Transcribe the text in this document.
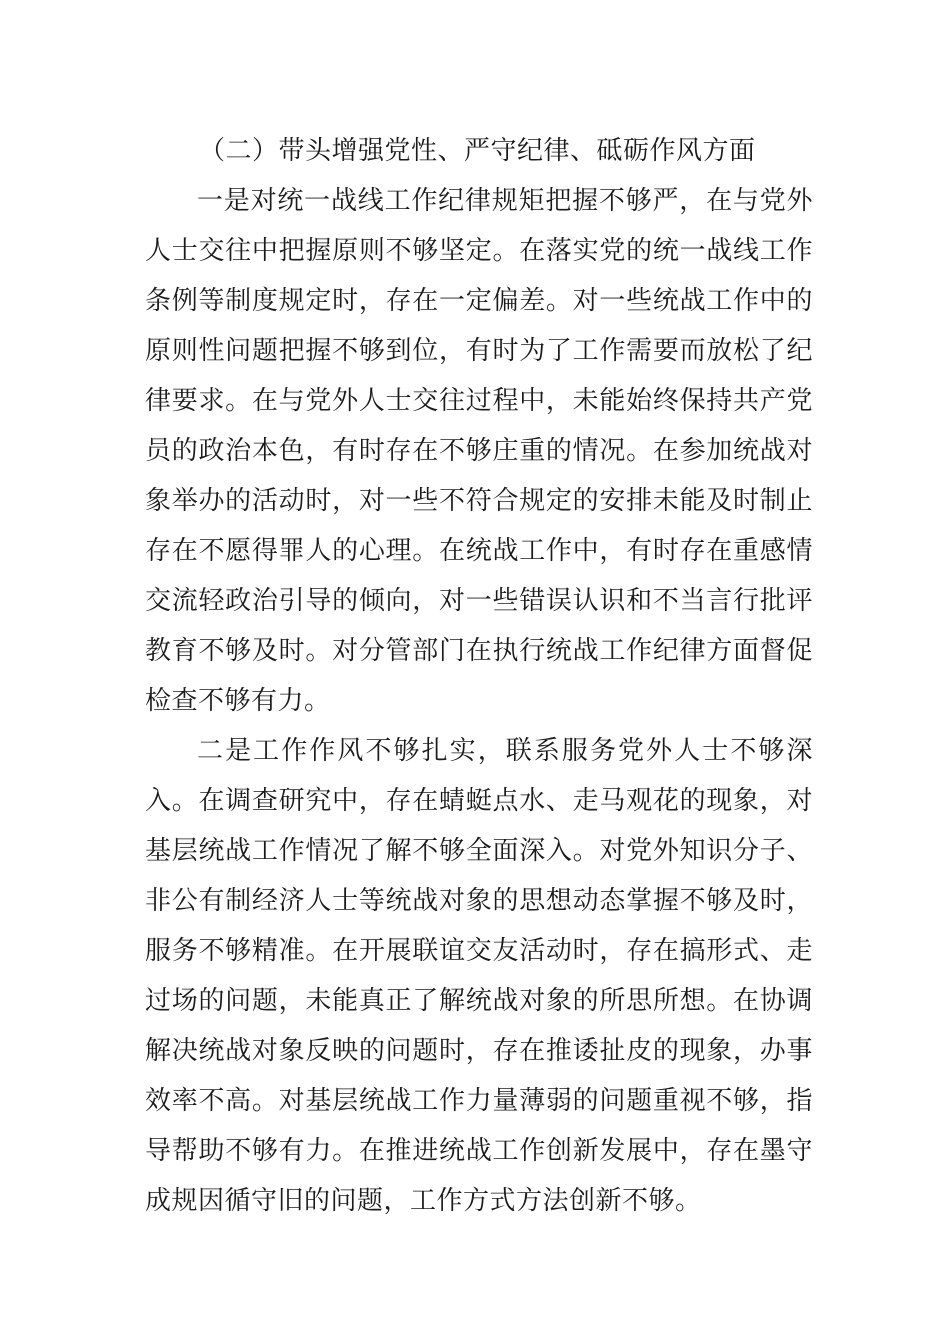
（二）带头增强党性、严守纪律、砥砺作风方面

一是对统一战线工作纪律规矩把握不够严，在与党外人士交往中把握原则不够坚定。在落实党的统一战线工作条例等制度规定时，存在一定偏差。对一些统战工作中的原则性问题把握不够到位，有时为了工作需要而放松了纪律要求。在与党外人士交往过程中，未能始终保持共产党员的政治本色，有时存在不够庄重的情况。在参加统战对象举办的活动时，对一些不符合规定的安排未能及时制止存在不愿得罪人的心理。在统战工作中，有时存在重感情交流轻政治引导的倾向，对一些错误认识和不当言行批评教育不够及时。对分管部门在执行统战工作纪律方面督促检查不够有力。

二是工作作风不够扎实，联系服务党外人士不够深入。在调查研究中，存在蜻蜓点水、走马观花的现象，对基层统战工作情况了解不够全面深入。对党外知识分子、非公有制经济人士等统战对象的思想动态掌握不够及时，服务不够精准。在开展联谊交友活动时，存在搞形式、走过场的问题，未能真正了解统战对象的所思所想。在协调解决统战对象反映的问题时，存在推诿扯皮的现象，办事效率不高。对基层统战工作力量薄弱的问题重视不够，指导帮助不够有力。在推进统战工作创新发展中，存在墨守成规因循守旧的问题，工作方式方法创新不够。
